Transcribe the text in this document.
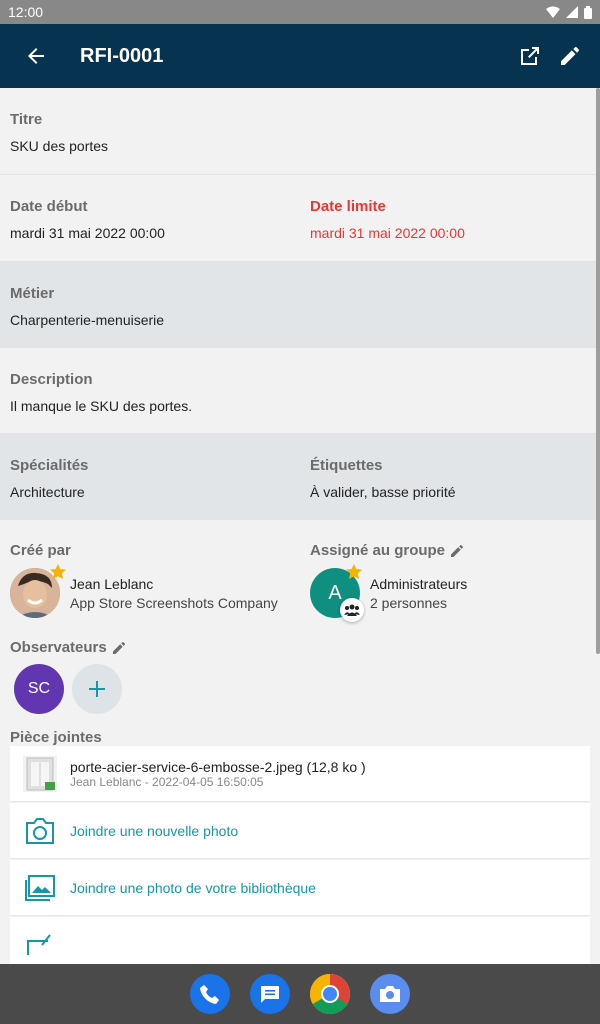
12:00
RFI-0001
Titre
SKU des portes
Date début
mardi 31 mai 2022 00:00
Date limite
mardi 31 mai 2022 00:00
Métier
Charpenterie-menuiserie
Description
Il manque le SKU des portes.
Spécialités
Architecture
Étiquettes
À valider, basse priorité
Créé par
Jean Leblanc
App Store Screenshots Company
Assigné au groupe
A Administrateurs
2 personnes
Observateurs
SC
Pièce jointes
porte-acier-service-6-embosse-2.jpeg (12,8 ko )
Jean Leblanc - 2022-04-05 16:50:05
Joindre une nouvelle photo
Joindre une photo de votre bibliothèque
